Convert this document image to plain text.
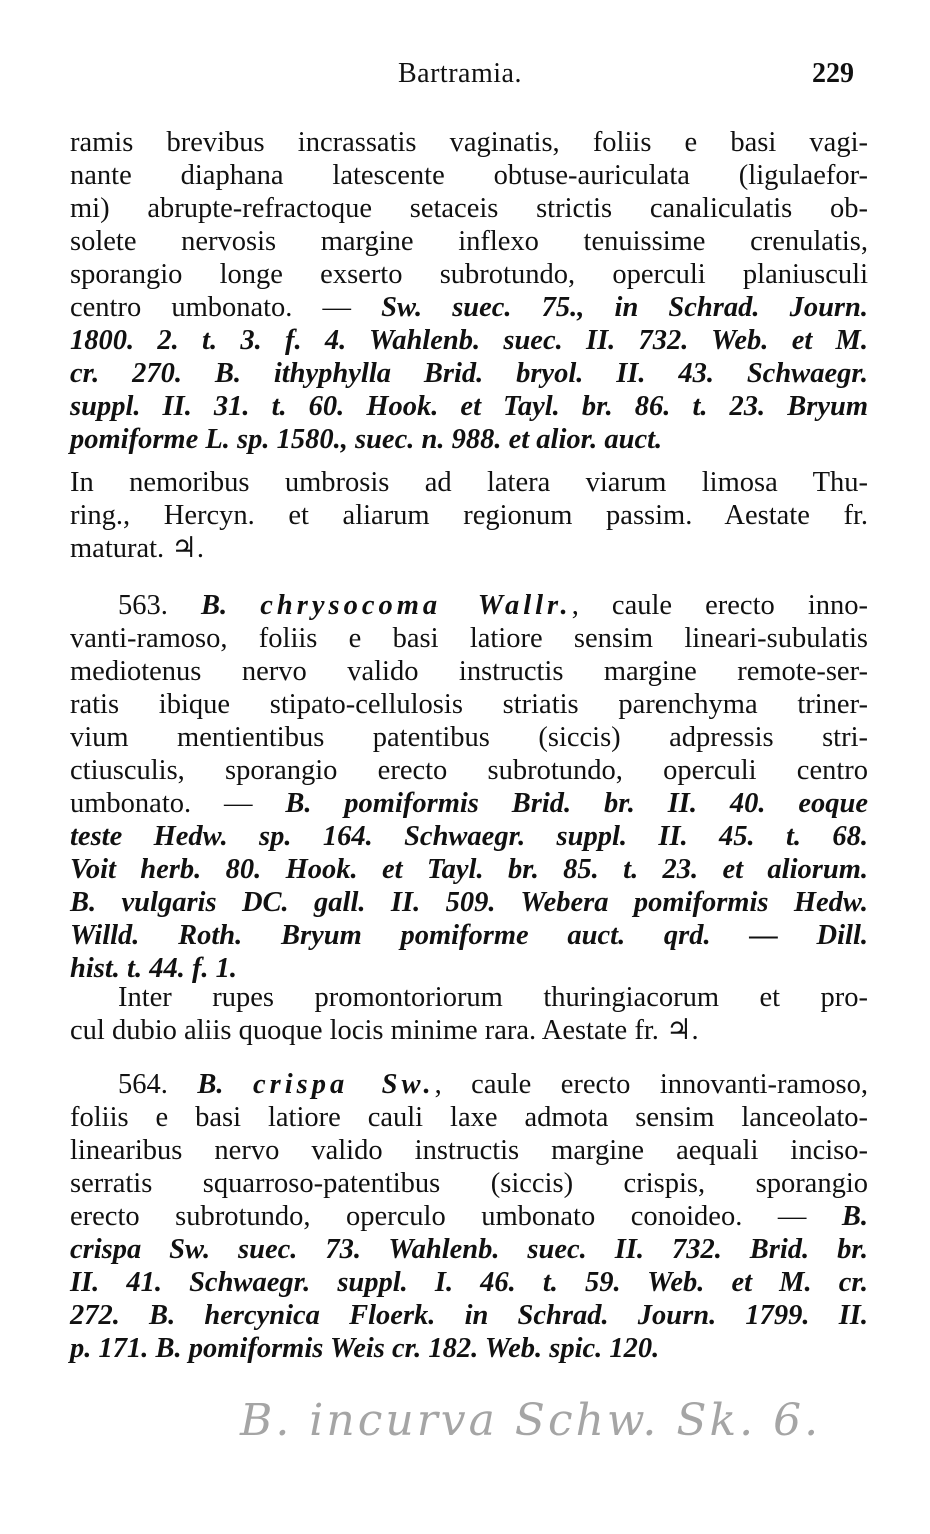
Bartramia.	229
ramis brevibus incrassatis vaginatis, foliis e basi vagi-
nante diaphana latescente obtuse-auriculata (ligulaefor-
mi) abrupte-refractoque setaceis strictis canaliculatis ob-
solete nervosis margine inflexo tenuissime crenulatis,
sporangio longe exserto subrotundo, operculi planiusculi
centro umbonato. — Sw. suec. 75., in Schrad. Journ.
1800. 2. t. 3. f. 4. Wahlenb. suec. II. 732. Web. et M.
cr. 270. B. ithyphylla Brid. bryol. II. 43. Schwaegr.
suppl. II. 31. t. 60. Hook. et Tayl. br. 86. t. 23. Bryum
pomiforme L. sp. 1580., suec. n. 988. et alior. auct.
In nemoribus umbrosis ad latera viarum limosa Thu-
ring., Hercyn. et aliarum regionum passim. Aestate fr.
maturat. ♃.
563. B. chrysocoma Wallr., caule erecto inno-
vanti-ramoso, foliis e basi latiore sensim lineari-subulatis
mediotenus nervo valido instructis margine remote-ser-
ratis ibique stipato-cellulosis striatis parenchyma triner-
vium mentientibus patentibus (siccis) adpressis stri-
ctiusculis, sporangio erecto subrotundo, operculi centro
umbonato. — B. pomiformis Brid. br. II. 40. eoque
teste Hedw. sp. 164. Schwaegr. suppl. II. 45. t. 68.
Voit herb. 80. Hook. et Tayl. br. 85. t. 23. et aliorum.
B. vulgaris DC. gall. II. 509. Webera pomiformis Hedw.
Willd. Roth. Bryum pomiforme auct. qrd. — Dill.
hist. t. 44. f. 1.
Inter rupes promontoriorum thuringiacorum et pro-
cul dubio aliis quoque locis minime rara. Aestate fr. ♃.
564. B. crispa Sw., caule erecto innovanti-ramoso,
foliis e basi latiore cauli laxe admota sensim lanceolato-
linearibus nervo valido instructis margine aequali inciso-
serratis squarroso-patentibus (siccis) crispis, sporangio
erecto subrotundo, operculo umbonato conoideo. — B.
crispa Sw. suec. 73. Wahlenb. suec. II. 732. Brid. br.
II. 41. Schwaegr. suppl. I. 46. t. 59. Web. et M. cr.
272. B. hercynica Floerk. in Schrad. Journ. 1799. II.
p. 171. B. pomiformis Weis cr. 182. Web. spic. 120.
B. incurva Schw. Sk. 6.
